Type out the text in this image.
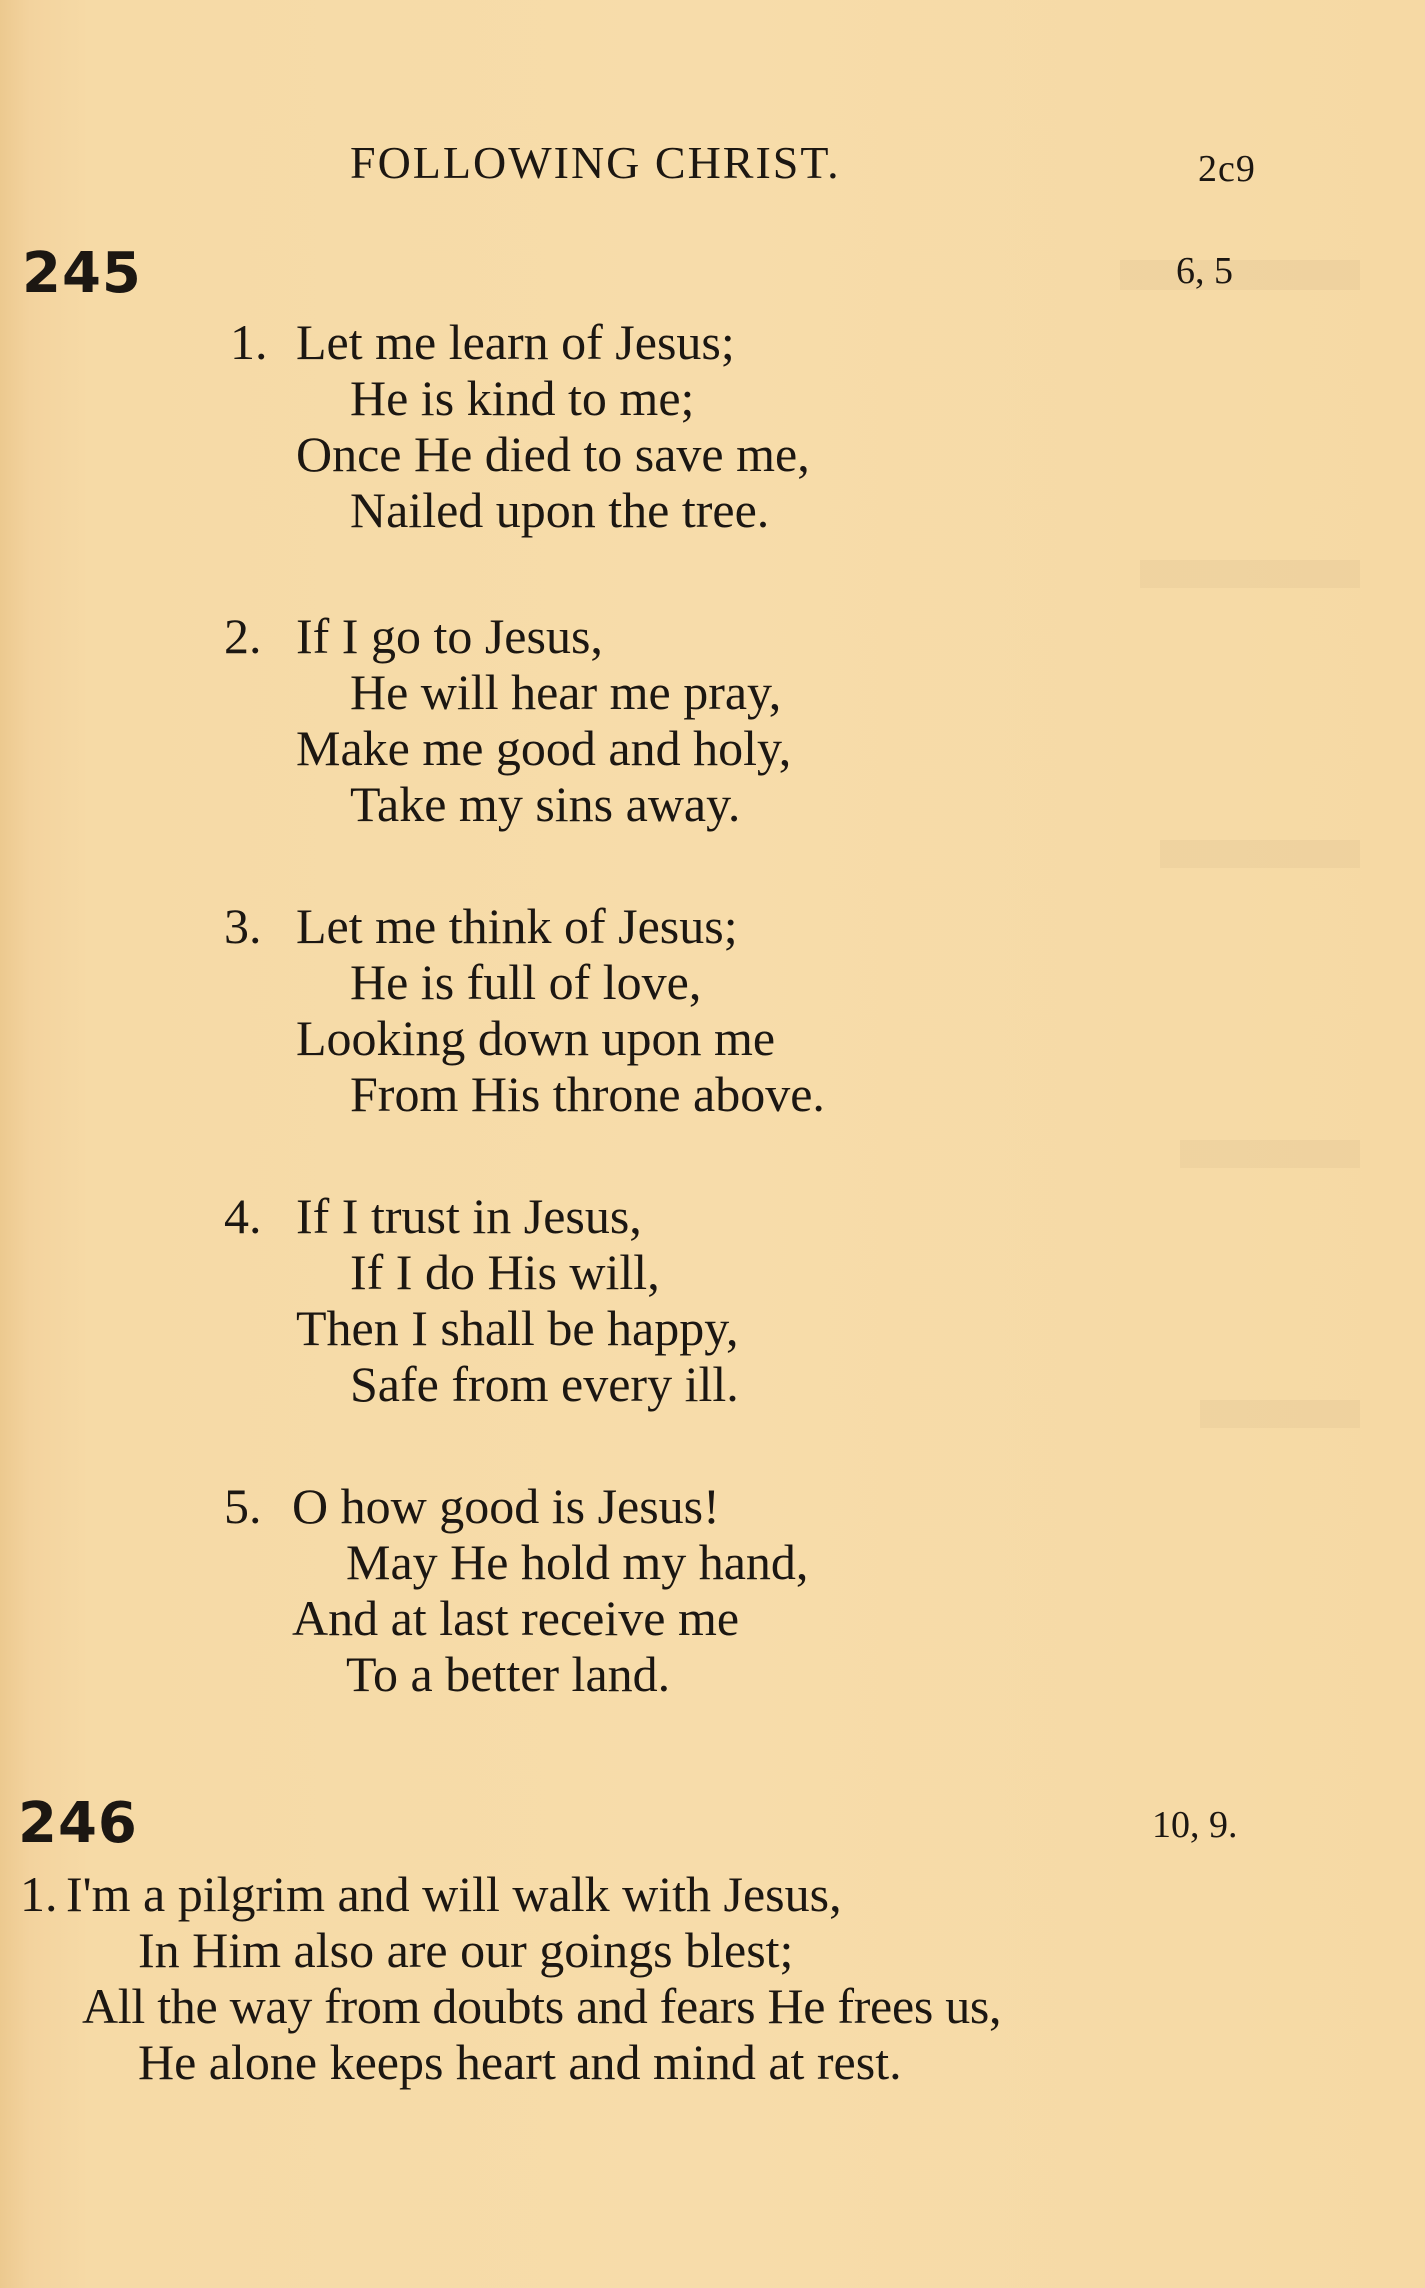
FOLLOWING CHRIST.	2c9
245	6, 5
1. Let me learn of Jesus;
He is kind to me;
Once He died to save me,
Nailed upon the tree.
2. If I go to Jesus,
He will hear me pray,
Make me good and holy,
Take my sins away.
3. Let me think of Jesus;
He is full of love,
Looking down upon me
From His throne above.
4. If I trust in Jesus,
If I do His will,
Then I shall be happy,
Safe from every ill.
5. O how good is Jesus!
May He hold my hand,
And at last receive me
To a better land.
246	10, 9.
1. I'm a pilgrim and will walk with Jesus,
In Him also are our goings blest;
All the way from doubts and fears He frees us,
He alone keeps heart and mind at rest.
